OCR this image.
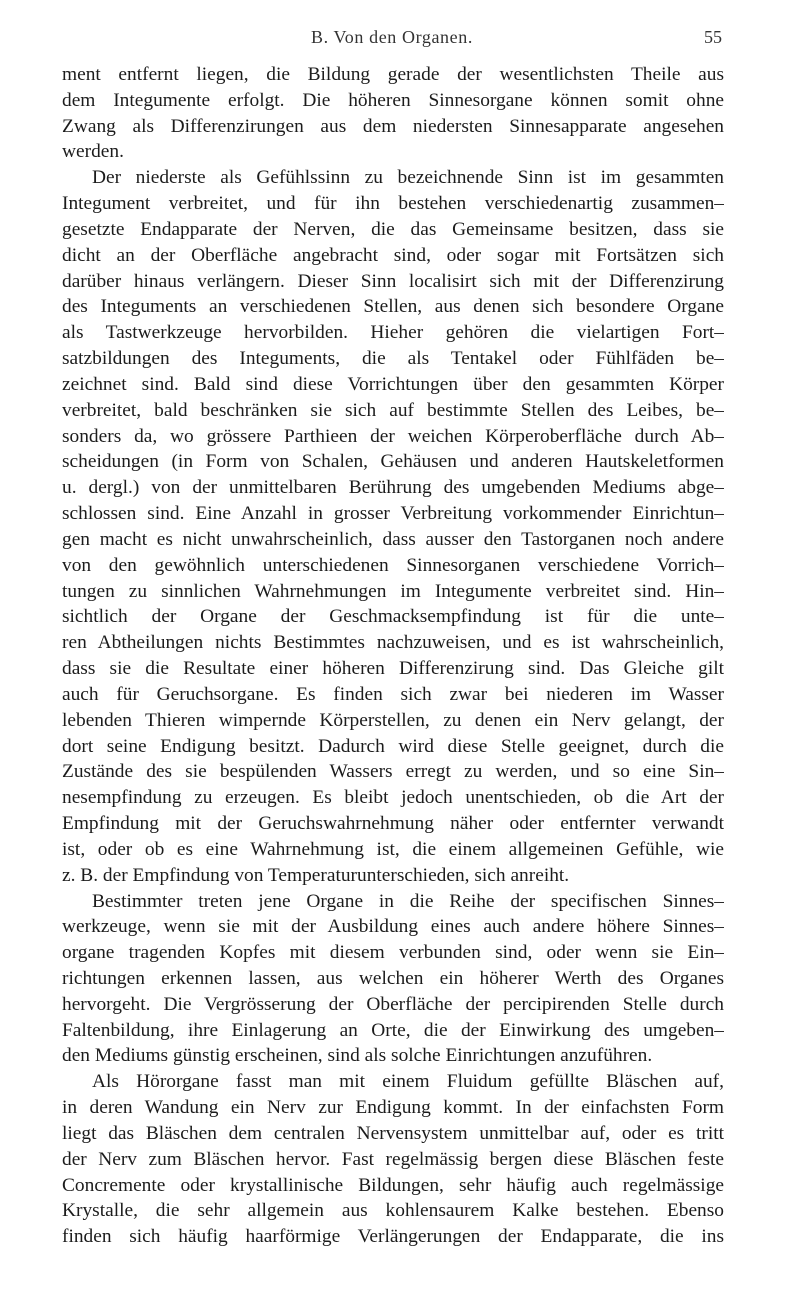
B. Von den Organen.	55
ment entfernt liegen, die Bildung gerade der wesentlichsten Theile aus
dem Integumente erfolgt. Die höheren Sinnesorgane können somit ohne
Zwang als Differenzirungen aus dem niedersten Sinnesapparate angesehen
werden.
Der niederste als Gefühlssinn zu bezeichnende Sinn ist im gesammten
Integument verbreitet, und für ihn bestehen verschiedenartig zusammen–
gesetzte Endapparate der Nerven, die das Gemeinsame besitzen, dass sie
dicht an der Oberfläche angebracht sind, oder sogar mit Fortsätzen sich
darüber hinaus verlängern. Dieser Sinn localisirt sich mit der Differenzirung
des Integuments an verschiedenen Stellen, aus denen sich besondere Organe
als Tastwerkzeuge hervorbilden. Hieher gehören die vielartigen Fort–
satzbildungen des Integuments, die als Tentakel oder Fühlfäden be–
zeichnet sind. Bald sind diese Vorrichtungen über den gesammten Körper
verbreitet, bald beschränken sie sich auf bestimmte Stellen des Leibes, be–
sonders da, wo grössere Parthieen der weichen Körperoberfläche durch Ab–
scheidungen (in Form von Schalen, Gehäusen und anderen Hautskeletformen
u. dergl.) von der unmittelbaren Berührung des umgebenden Mediums abge–
schlossen sind. Eine Anzahl in grosser Verbreitung vorkommender Einrichtun–
gen macht es nicht unwahrscheinlich, dass ausser den Tastorganen noch andere
von den gewöhnlich unterschiedenen Sinnesorganen verschiedene Vorrich–
tungen zu sinnlichen Wahrnehmungen im Integumente verbreitet sind. Hin–
sichtlich der Organe der Geschmacksempfindung ist für die unte–
ren Abtheilungen nichts Bestimmtes nachzuweisen, und es ist wahrscheinlich,
dass sie die Resultate einer höheren Differenzirung sind. Das Gleiche gilt
auch für Geruchsorgane. Es finden sich zwar bei niederen im Wasser
lebenden Thieren wimpernde Körperstellen, zu denen ein Nerv gelangt, der
dort seine Endigung besitzt. Dadurch wird diese Stelle geeignet, durch die
Zustände des sie bespülenden Wassers erregt zu werden, und so eine Sin–
nesempfindung zu erzeugen. Es bleibt jedoch unentschieden, ob die Art der
Empfindung mit der Geruchswahrnehmung näher oder entfernter verwandt
ist, oder ob es eine Wahrnehmung ist, die einem allgemeinen Gefühle, wie
z. B. der Empfindung von Temperaturunterschieden, sich anreiht.
Bestimmter treten jene Organe in die Reihe der specifischen Sinnes–
werkzeuge, wenn sie mit der Ausbildung eines auch andere höhere Sinnes–
organe tragenden Kopfes mit diesem verbunden sind, oder wenn sie Ein–
richtungen erkennen lassen, aus welchen ein höherer Werth des Organes
hervorgeht. Die Vergrösserung der Oberfläche der percipirenden Stelle durch
Faltenbildung, ihre Einlagerung an Orte, die der Einwirkung des umgeben–
den Mediums günstig erscheinen, sind als solche Einrichtungen anzuführen.
Als Hörorgane fasst man mit einem Fluidum gefüllte Bläschen auf,
in deren Wandung ein Nerv zur Endigung kommt. In der einfachsten Form
liegt das Bläschen dem centralen Nervensystem unmittelbar auf, oder es tritt
der Nerv zum Bläschen hervor. Fast regelmässig bergen diese Bläschen feste
Concremente oder krystallinische Bildungen, sehr häufig auch regelmässige
Krystalle, die sehr allgemein aus kohlensaurem Kalke bestehen. Ebenso
finden sich häufig haarförmige Verlängerungen der Endapparate, die ins
